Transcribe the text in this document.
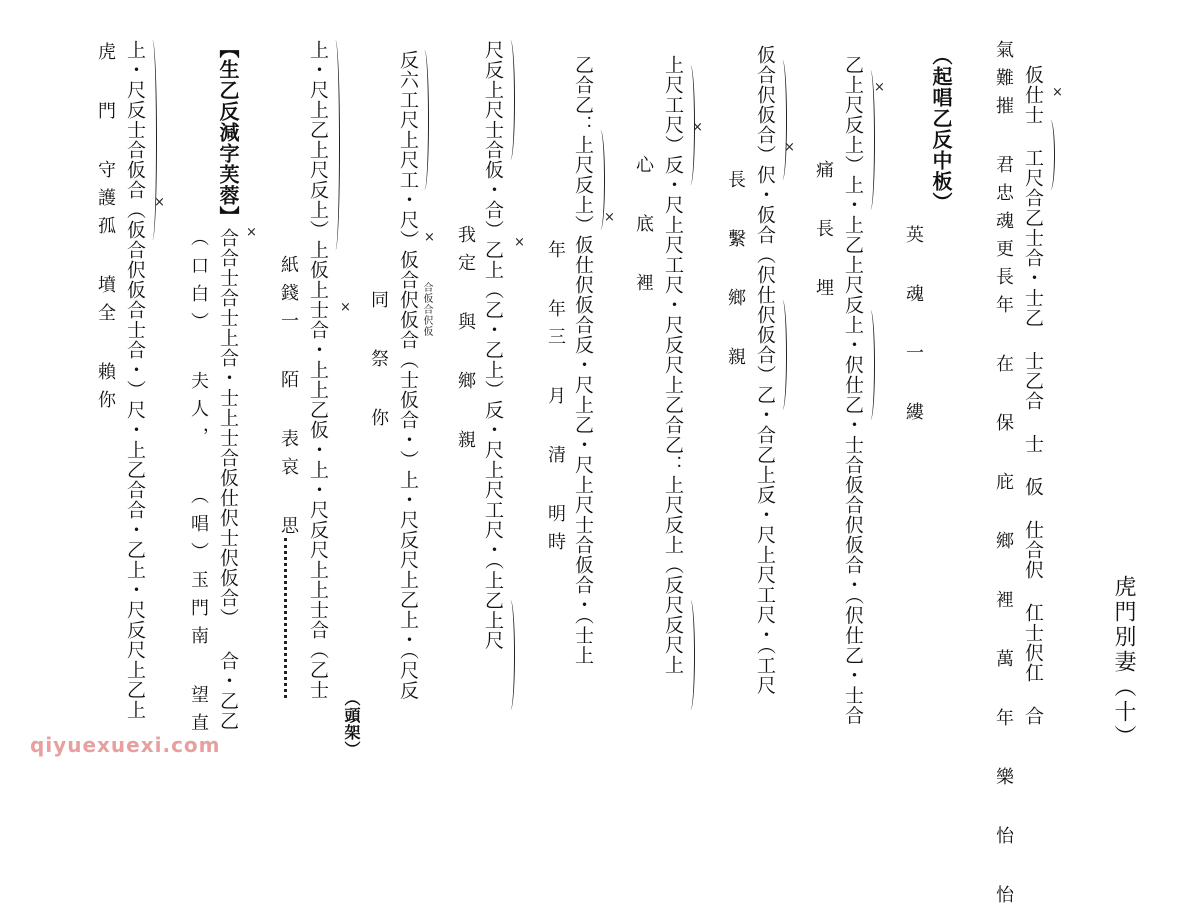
虎門別妻（十）
仮仕士 工尺合乙士合・士乙 士乙合 士 仮 仕合伬 仜士伬仜 合
氣難摧 君忠魂更長年 在 保 庇 鄉 裡 萬 年 樂 怡 怡
（起唱乙反中板）
英 魂 一 縷
乙上尺反上）上・上乙上尺反上・伬仕乙・士合仮合伬仮合・（伬仕乙・士合
痛 長 埋
仮合伬仮合）伬・仮合（伬仕伬仮合）乙・合乙上反・尺上尺工尺・（工尺
長 繫 鄉 親
上尺工尺）反・尺上尺工尺・尺反尺上乙合乙：上尺反上（反尺反尺上
心 底 裡
乙合乙：上尺反上）仮仕伬仮合反・尺上乙・尺上尺士合仮合・（士上
年 年三 月 清 明時
尺反上尺士合仮・合）乙上（乙・乙上）反・尺上尺工尺・（上乙上尺
我定 與 鄉 親
反六工尺上尺工・尺）仮合伬仮合（士仮合・）上・尺反尺上乙上・（尺反
同 祭 你
上・尺上乙上尺反上）上仮上士合・上上乙仮・上・尺反尺上上士合（乙士
紙錢一 陌 表哀 思
合合士合士上合・士上士合仮仕伬士伬仮合） 合・乙乙
（口白） 夫人， （唱）玉門南 望直
【生乙反減字芙蓉】
上・尺反士合仮合（仮合伬仮合士合・）尺・上乙合合・乙上・尺反尺上乙上
虎 門 守護孤 墳全 賴你	合仮合伬仮
（頭架）
×
×
×
×
×
×
×
×
×
×
qiyuexuexi.com
